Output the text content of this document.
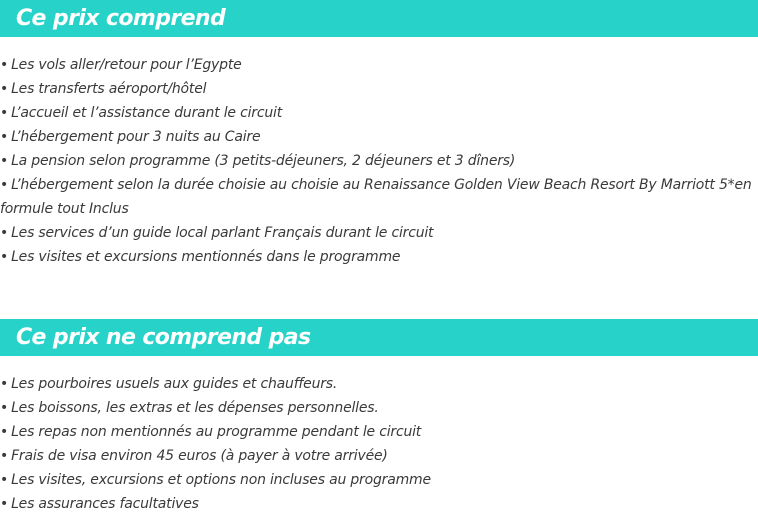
Ce prix comprend
• Les vols aller/retour pour l’Egypte
• Les transferts aéroport/hôtel
• L’accueil et l’assistance durant le circuit
• L’hébergement pour 3 nuits au Caire
• La pension selon programme (3 petits-déjeuners, 2 déjeuners et 3 dîners)
• L’hébergement selon la durée choisie au choisie au Renaissance Golden View Beach Resort By Marriott 5*en formule tout Inclus
• Les services d’un guide local parlant Français durant le circuit
• Les visites et excursions mentionnés dans le programme
Ce prix ne comprend pas
• Les pourboires usuels aux guides et chauffeurs.
• Les boissons, les extras et les dépenses personnelles.
• Les repas non mentionnés au programme pendant le circuit
• Frais de visa environ 45 euros (à payer à votre arrivée)
• Les visites, excursions et options non incluses au programme
• Les assurances facultatives
